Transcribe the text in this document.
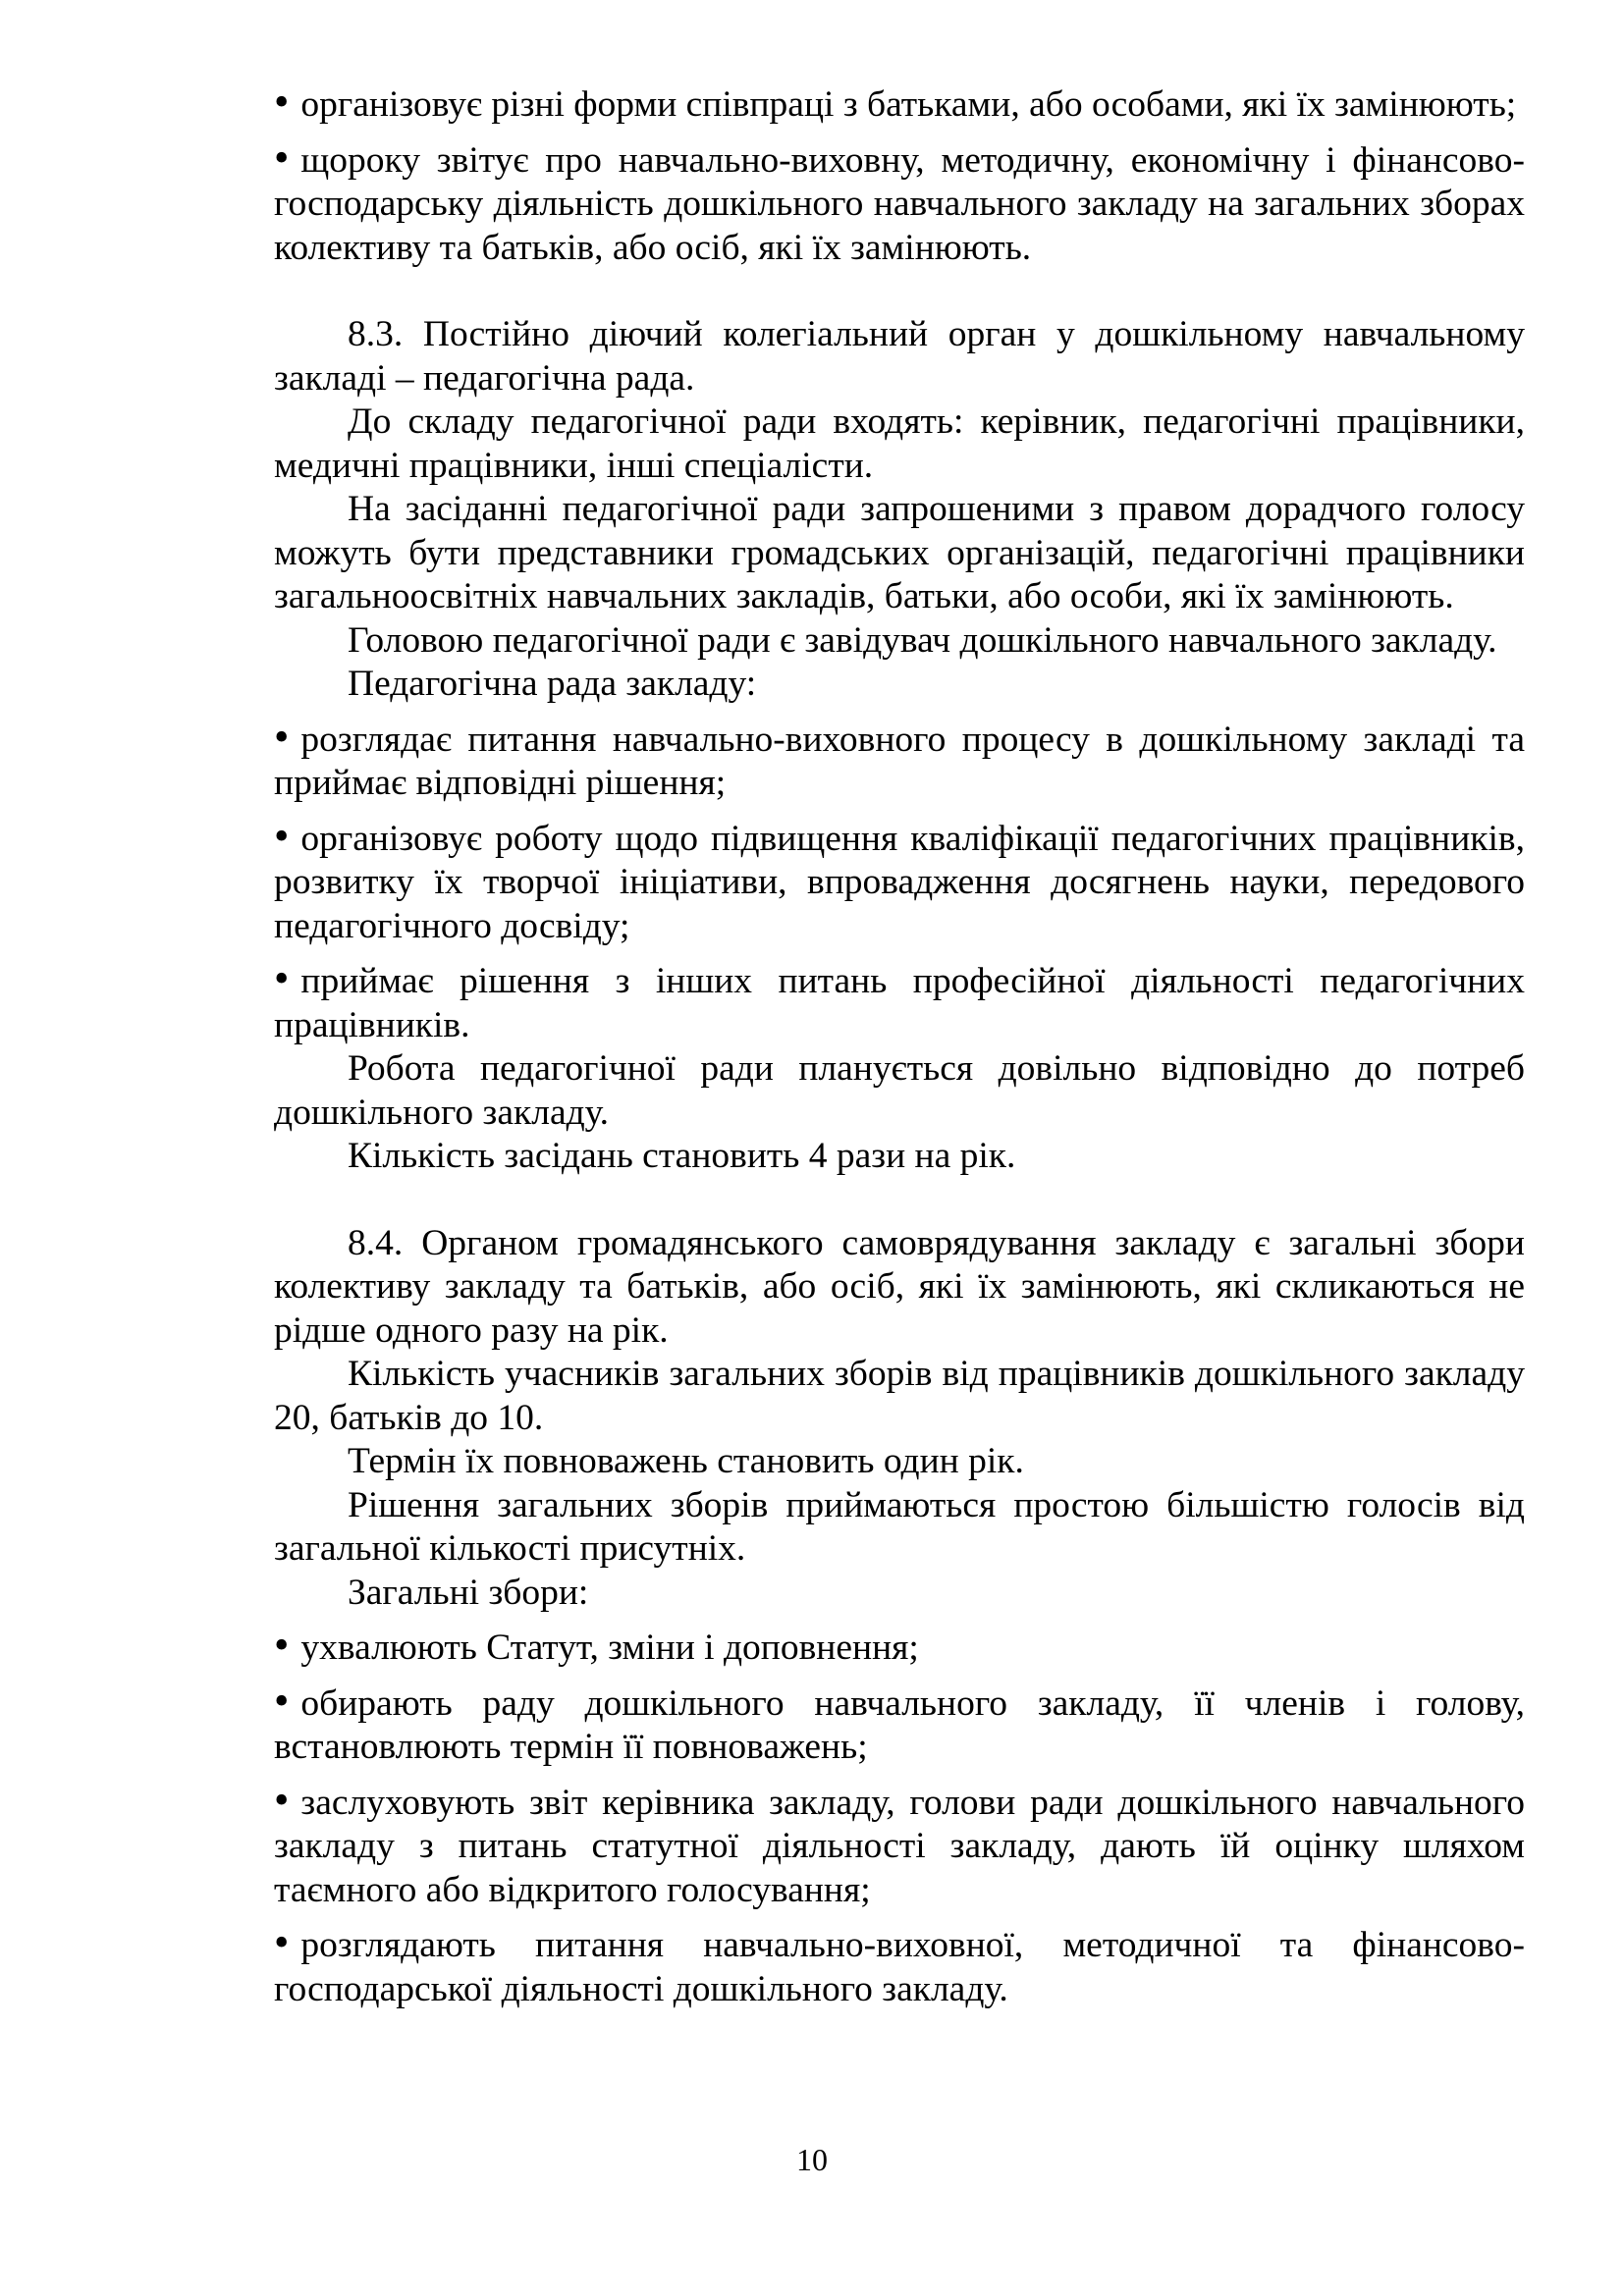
• організовує різні форми співпраці з батьками, або особами, які їх замінюють;

• щороку звітує про навчально-виховну, методичну, економічну і фінансово-господарську діяльність дошкільного навчального закладу на загальних зборах колективу та батьків, або осіб, які їх замінюють.

8.3. Постійно діючий колегіальний орган у дошкільному навчальному закладі – педагогічна рада.

До складу педагогічної ради входять: керівник, педагогічні працівники, медичні працівники, інші спеціалісти.

На засіданні педагогічної ради запрошеними з правом дорадчого голосу можуть бути представники громадських організацій, педагогічні працівники загальноосвітніх навчальних закладів, батьки, або особи, які їх замінюють.

Головою педагогічної ради є завідувач дошкільного навчального закладу.

Педагогічна рада закладу:

• розглядає питання навчально-виховного процесу в дошкільному закладі та приймає відповідні рішення;

• організовує роботу щодо підвищення кваліфікації педагогічних працівників, розвитку їх творчої ініціативи, впровадження досягнень науки, передового педагогічного досвіду;

• приймає рішення з інших питань професійної діяльності педагогічних працівників.

Робота педагогічної ради планується довільно відповідно до потреб дошкільного закладу.

Кількість засідань становить 4 рази на рік.

8.4. Органом громадянського самоврядування закладу є загальні збори колективу закладу та батьків, або осіб, які їх замінюють, які скликаються не рідше одного разу на рік.

Кількість учасників загальних зборів від працівників дошкільного закладу 20, батьків до 10.

Термін їх повноважень становить один рік.

Рішення загальних зборів приймаються простою більшістю голосів від загальної кількості присутніх.

Загальні збори:

• ухвалюють Статут, зміни і доповнення;

• обирають раду дошкільного навчального закладу, її членів і голову, встановлюють термін її повноважень;

• заслуховують звіт керівника закладу, голови ради дошкільного навчального закладу з питань статутної діяльності закладу, дають їй оцінку шляхом таємного або відкритого голосування;

• розглядають питання навчально-виховної, методичної та фінансово-господарської діяльності дошкільного закладу.

10
